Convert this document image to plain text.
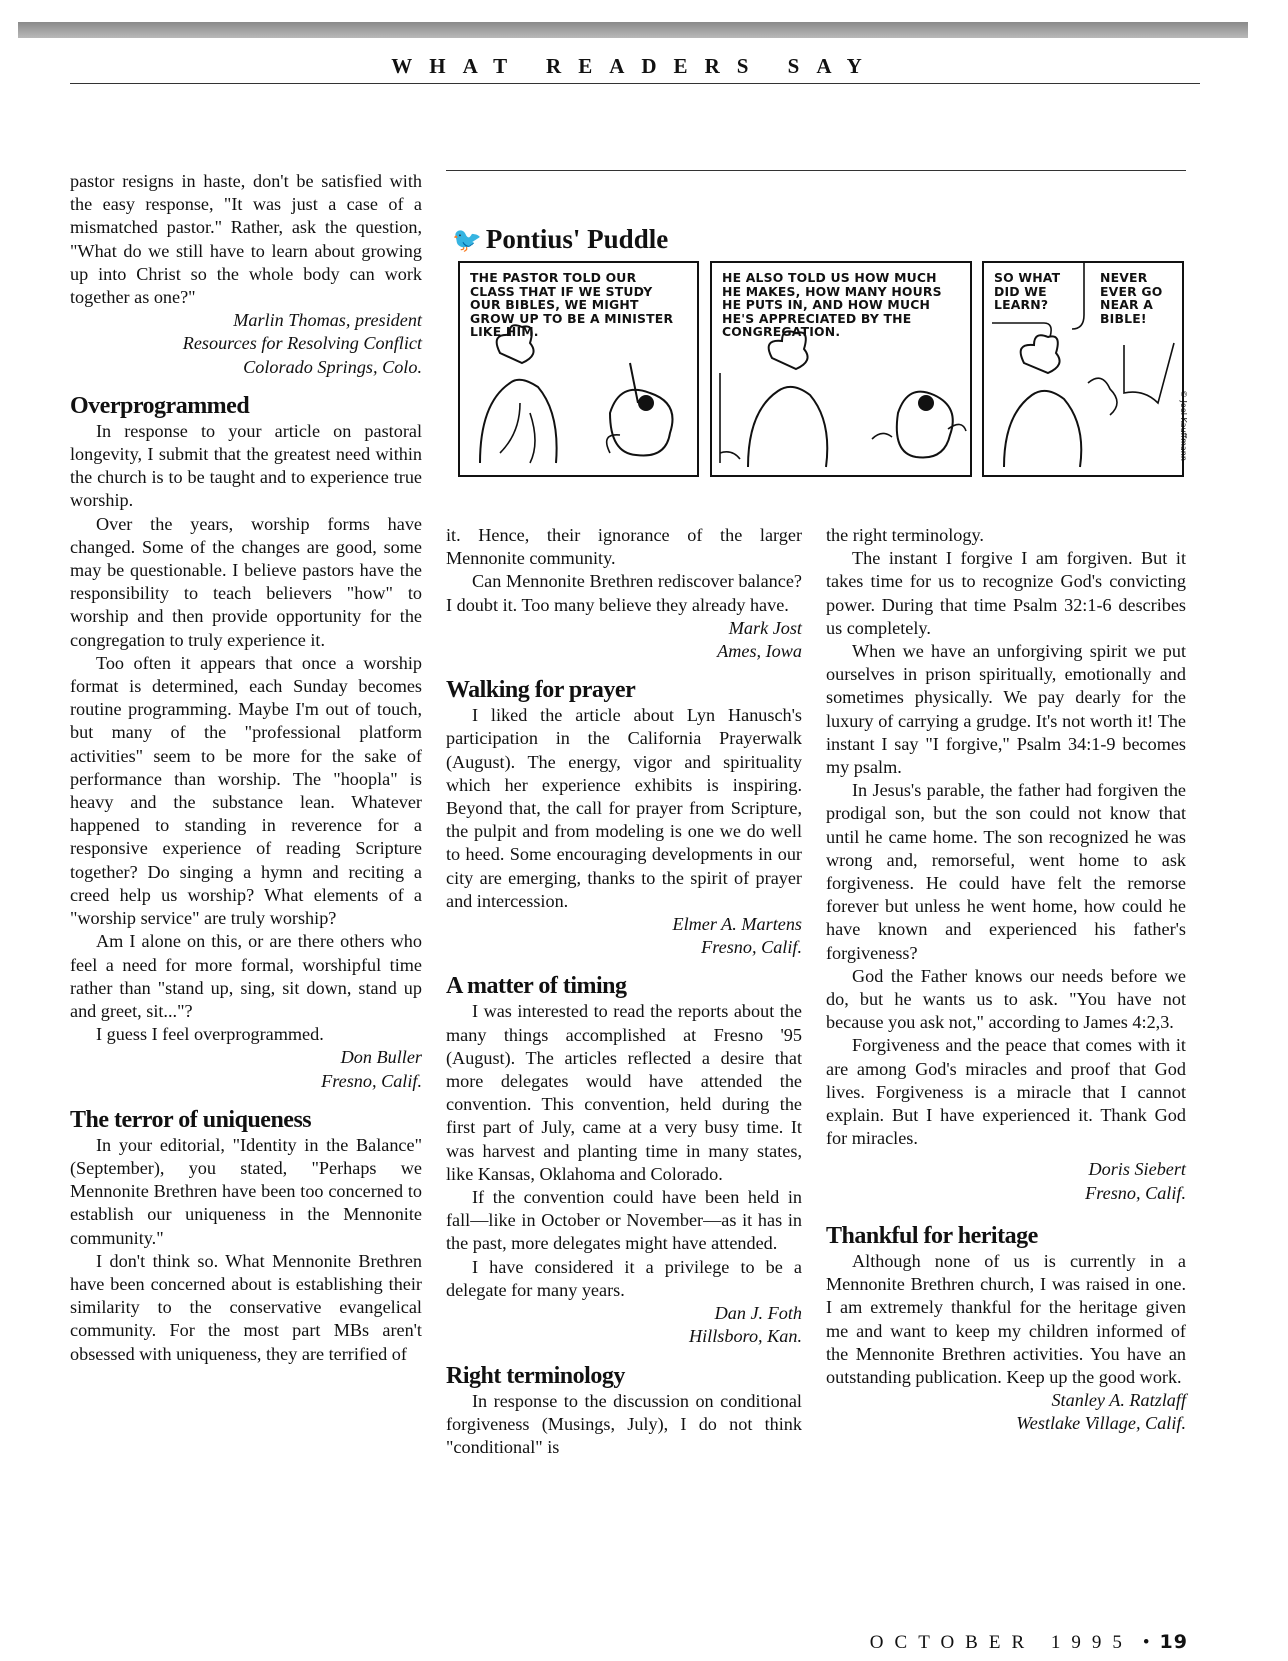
WHAT READERS SAY

pastor resigns in haste, don't be satisfied with the easy response, "It was just a case of a mismatched pastor." Rather, ask the question, "What do we still have to learn about growing up into Christ so the whole body can work together as one?"

Marlin Thomas, president
Resources for Resolving Conflict
Colorado Springs, Colo.
Overprogrammed

In response to your article on pastoral longevity, I submit that the greatest need within the church is to be taught and to experience true worship.

Over the years, worship forms have changed. Some of the changes are good, some may be questionable. I believe pastors have the responsibility to teach believers "how" to worship and then provide opportunity for the congregation to truly experience it.

Too often it appears that once a worship format is determined, each Sunday becomes routine programming. Maybe I'm out of touch, but many of the "professional platform activities" seem to be more for the sake of performance than worship. The "hoopla" is heavy and the substance lean. Whatever happened to standing in reverence for a responsive experience of reading Scripture together? Do singing a hymn and reciting a creed help us worship? What elements of a "worship service" are truly worship?

Am I alone on this, or are there others who feel a need for more formal, worshipful time rather than "stand up, sing, sit down, stand up and greet, sit..."?

I guess I feel overprogrammed.

Don Buller
Fresno, Calif.
The terror of uniqueness

In your editorial, "Identity in the Balance" (September), you stated, "Perhaps we Mennonite Brethren have been too concerned to establish our uniqueness in the Mennonite community."

I don't think so. What Mennonite Brethren have been concerned about is establishing their similarity to the conservative evangelical community. For the most part MBs aren't obsessed with uniqueness, they are terrified of

🐦 Pontius' Puddle
THE PASTOR TOLD OUR CLASS THAT IF WE STUDY OUR BIBLES, WE MIGHT GROW UP TO BE A MINISTER LIKE HIM.
HE ALSO TOLD US HOW MUCH HE MAKES, HOW MANY HOURS HE PUTS IN, AND HOW MUCH HE'S APPRECIATED BY THE CONGREGATION.
SO WHAT DID WE LEARN?
NEVER EVER GO NEAR A BIBLE!
© Joel Kauffmann

it. Hence, their ignorance of the larger Mennonite community.

Can Mennonite Brethren rediscover balance? I doubt it. Too many believe they already have.

Mark Jost
Ames, Iowa
Walking for prayer

I liked the article about Lyn Hanusch's participation in the California Prayerwalk (August). The energy, vigor and spirituality which her experience exhibits is inspiring. Beyond that, the call for prayer from Scripture, the pulpit and from modeling is one we do well to heed. Some encouraging developments in our city are emerging, thanks to the spirit of prayer and intercession.

Elmer A. Martens
Fresno, Calif.
A matter of timing

I was interested to read the reports about the many things accomplished at Fresno '95 (August). The articles reflected a desire that more delegates would have attended the convention. This convention, held during the first part of July, came at a very busy time. It was harvest and planting time in many states, like Kansas, Oklahoma and Colorado.

If the convention could have been held in fall—like in October or November—as it has in the past, more delegates might have attended.

I have considered it a privilege to be a delegate for many years.

Dan J. Foth
Hillsboro, Kan.
Right terminology

In response to the discussion on conditional forgiveness (Musings, July), I do not think "conditional" is

the right terminology.

The instant I forgive I am forgiven. But it takes time for us to recognize God's convicting power. During that time Psalm 32:1-6 describes us completely.

When we have an unforgiving spirit we put ourselves in prison spiritually, emotionally and sometimes physically. We pay dearly for the luxury of carrying a grudge. It's not worth it! The instant I say "I forgive," Psalm 34:1-9 becomes my psalm.

In Jesus's parable, the father had forgiven the prodigal son, but the son could not know that until he came home. The son recognized he was wrong and, remorseful, went home to ask forgiveness. He could have felt the remorse forever but unless he went home, how could he have known and experienced his father's forgiveness?

God the Father knows our needs before we do, but he wants us to ask. "You have not because you ask not," according to James 4:2,3.

Forgiveness and the peace that comes with it are among God's miracles and proof that God lives. Forgiveness is a miracle that I cannot explain. But I have experienced it. Thank God for miracles.

Doris Siebert
Fresno, Calif.
Thankful for heritage

Although none of us is currently in a Mennonite Brethren church, I was raised in one. I am extremely thankful for the heritage given me and want to keep my children informed of the Mennonite Brethren activities. You have an outstanding publication. Keep up the good work.

Stanley A. Ratzlaff
Westlake Village, Calif.
OCTOBER 1995 • 19
